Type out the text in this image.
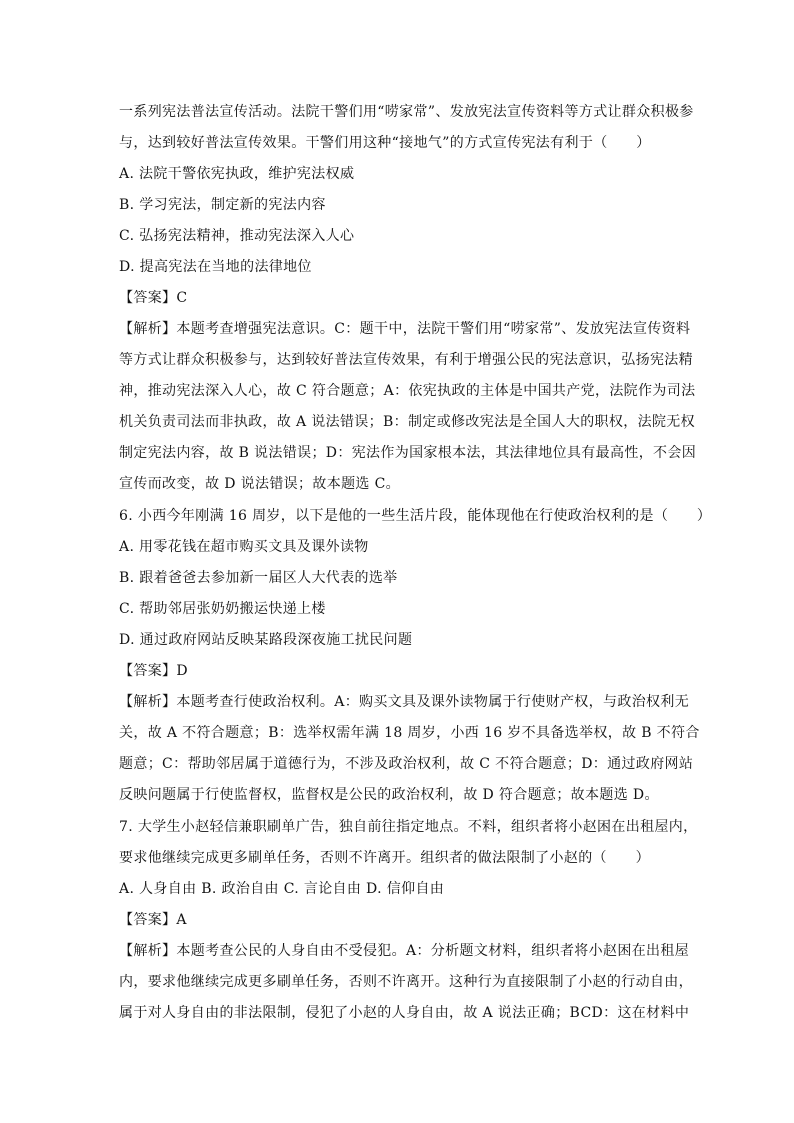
一系列宪法普法宣传活动。法院干警们用“唠家常”、发放宪法宣传资料等方式让群众积极参
与，达到较好普法宣传效果。干警们用这种“接地气”的方式宣传宪法有利于（　　）
A. 法院干警依宪执政，维护宪法权威
B. 学习宪法，制定新的宪法内容
C. 弘扬宪法精神，推动宪法深入人心
D. 提高宪法在当地的法律地位
【答案】C
【解析】本题考查增强宪法意识。C：题干中，法院干警们用“唠家常”、发放宪法宣传资料
等方式让群众积极参与，达到较好普法宣传效果，有利于增强公民的宪法意识，弘扬宪法精
神，推动宪法深入人心，故 C 符合题意；A：依宪执政的主体是中国共产党，法院作为司法
机关负责司法而非执政，故 A 说法错误；B：制定或修改宪法是全国人大的职权，法院无权
制定宪法内容，故 B 说法错误；D：宪法作为国家根本法，其法律地位具有最高性，不会因
宣传而改变，故 D 说法错误；故本题选 C。
6. 小西今年刚满 16 周岁，以下是他的一些生活片段，能体现他在行使政治权利的是（　　）
A. 用零花钱在超市购买文具及课外读物
B. 跟着爸爸去参加新一届区人大代表的选举
C. 帮助邻居张奶奶搬运快递上楼
D. 通过政府网站反映某路段深夜施工扰民问题
【答案】D
【解析】本题考查行使政治权利。A：购买文具及课外读物属于行使财产权，与政治权利无
关，故 A 不符合题意；B：选举权需年满 18 周岁，小西 16 岁不具备选举权，故 B 不符合
题意；C：帮助邻居属于道德行为，不涉及政治权利，故 C 不符合题意；D：通过政府网站
反映问题属于行使监督权，监督权是公民的政治权利，故 D 符合题意；故本题选 D。
7. 大学生小赵轻信兼职刷单广告，独自前往指定地点。不料，组织者将小赵困在出租屋内，
要求他继续完成更多刷单任务，否则不许离开。组织者的做法限制了小赵的（　　）
A. 人身自由 B. 政治自由 C. 言论自由 D. 信仰自由
【答案】A
【解析】本题考查公民的人身自由不受侵犯。A：分析题文材料，组织者将小赵困在出租屋
内，要求他继续完成更多刷单任务，否则不许离开。这种行为直接限制了小赵的行动自由，
属于对人身自由的非法限制，侵犯了小赵的人身自由，故 A 说法正确；BCD：这在材料中
